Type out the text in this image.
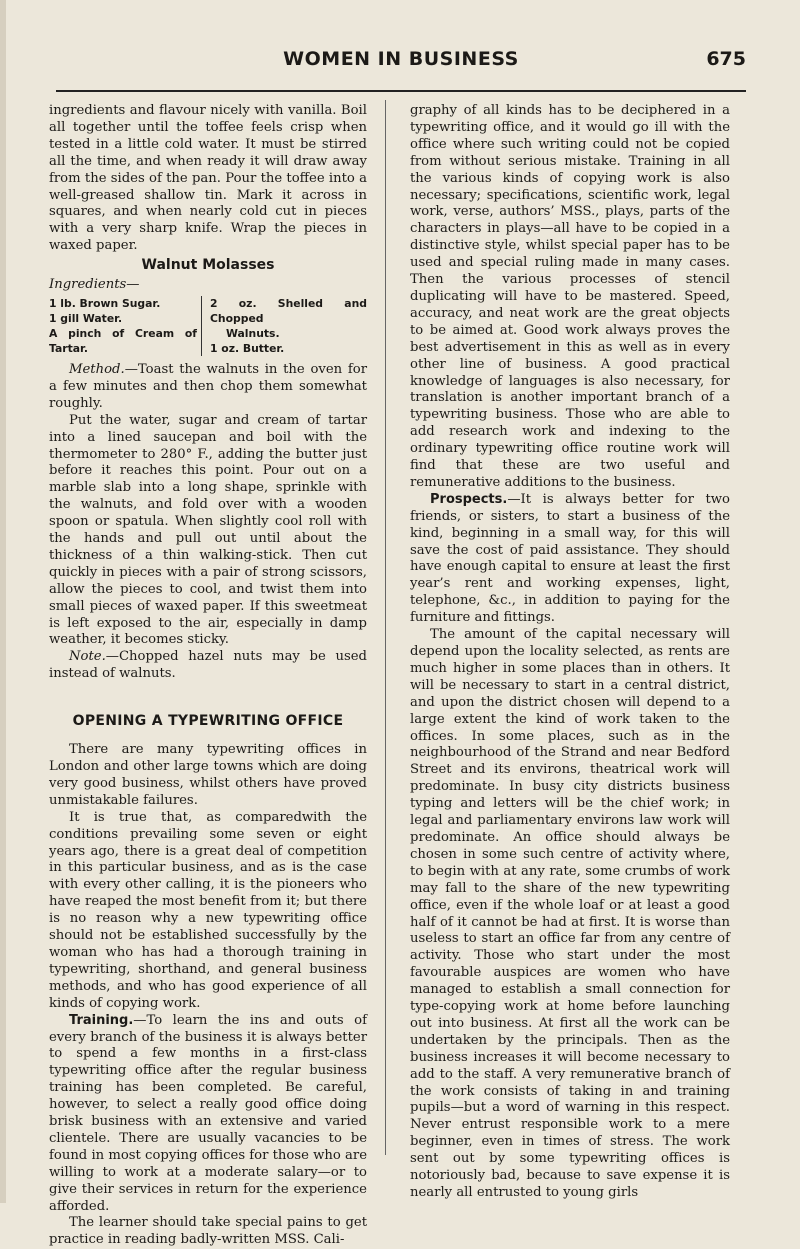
WOMEN IN BUSINESS	675

ingredients and flavour nicely with vanilla. Boil all together until the toffee feels crisp when tested in a little cold water. It must be stirred all the time, and when ready it will draw away from the sides of the pan. Pour the toffee into a well-greased shallow tin. Mark it across in squares, and when nearly cold cut in pieces with a very sharp knife. Wrap the pieces in waxed paper.

Walnut Molasses

Ingredients—

1 lb. Brown Sugar.
1 gill Water.
A pinch of Cream of Tartar.
2 oz. Shelled and Chopped
Walnuts.
1 oz. Butter.

Method.—Toast the walnuts in the oven for a few minutes and then chop them somewhat roughly.

Put the water, sugar and cream of tartar into a lined saucepan and boil with the thermometer to 280° F., adding the butter just before it reaches this point. Pour out on a marble slab into a long shape, sprinkle with the walnuts, and fold over with a wooden spoon or spatula. When slightly cool roll with the hands and pull out until about the thickness of a thin walking-stick. Then cut quickly in pieces with a pair of strong scissors, allow the pieces to cool, and twist them into small pieces of waxed paper. If this sweetmeat is left exposed to the air, especially in damp weather, it becomes sticky.

Note.—Chopped hazel nuts may be used instead of walnuts.

OPENING A TYPEWRITING OFFICE

There are many typewriting offices in London and other large towns which are doing very good business, whilst others have proved unmistakable failures.

It is true that, as comparedwith the conditions prevailing some seven or eight years ago, there is a great deal of competition in this particular business, and as is the case with every other calling, it is the pioneers who have reaped the most benefit from it; but there is no reason why a new typewriting office should not be established successfully by the woman who has had a thorough training in typewriting, shorthand, and general business methods, and who has good experience of all kinds of copying work.

Training.—To learn the ins and outs of every branch of the business it is always better to spend a few months in a first-class typewriting office after the regular business training has been completed. Be careful, however, to select a really good office doing brisk business with an extensive and varied clientele. There are usually vacancies to be found in most copying offices for those who are willing to work at a moderate salary—or to give their services in return for the experience afforded.

The learner should take special pains to get practice in reading badly-written MSS. Cali-

graphy of all kinds has to be deciphered in a typewriting office, and it would go ill with the office where such writing could not be copied from without serious mistake. Training in all the various kinds of copying work is also necessary; specifications, scientific work, legal work, verse, authors’ MSS., plays, parts of the characters in plays—all have to be copied in a distinctive style, whilst special paper has to be used and special ruling made in many cases. Then the various processes of stencil duplicating will have to be mastered. Speed, accuracy, and neat work are the great objects to be aimed at. Good work always proves the best advertisement in this as well as in every other line of business. A good practical knowledge of languages is also necessary, for translation is another important branch of a typewriting business. Those who are able to add research work and indexing to the ordinary typewriting office routine work will find that these are two useful and remunerative additions to the business.

Prospects.—It is always better for two friends, or sisters, to start a business of the kind, beginning in a small way, for this will save the cost of paid assistance. They should have enough capital to ensure at least the first year’s rent and working expenses, light, telephone, &c., in addition to paying for the furniture and fittings.

The amount of the capital necessary will depend upon the locality selected, as rents are much higher in some places than in others. It will be necessary to start in a central district, and upon the district chosen will depend to a large extent the kind of work taken to the offices. In some places, such as in the neighbourhood of the Strand and near Bedford Street and its environs, theatrical work will predominate. In busy city districts business typing and letters will be the chief work; in legal and parliamentary environs law work will predominate. An office should always be chosen in some such centre of activity where, to begin with at any rate, some crumbs of work may fall to the share of the new typewriting office, even if the whole loaf or at least a good half of it cannot be had at first. It is worse than useless to start an office far from any centre of activity. Those who start under the most favourable auspices are women who have managed to establish a small connection for type-copying work at home before launching out into business. At first all the work can be undertaken by the principals. Then as the business increases it will become necessary to add to the staff. A very remunerative branch of the work consists of taking in and training pupils—but a word of warning in this respect. Never entrust responsible work to a mere beginner, even in times of stress. The work sent out by some typewriting offices is notoriously bad, because to save expense it is nearly all entrusted to young girls
